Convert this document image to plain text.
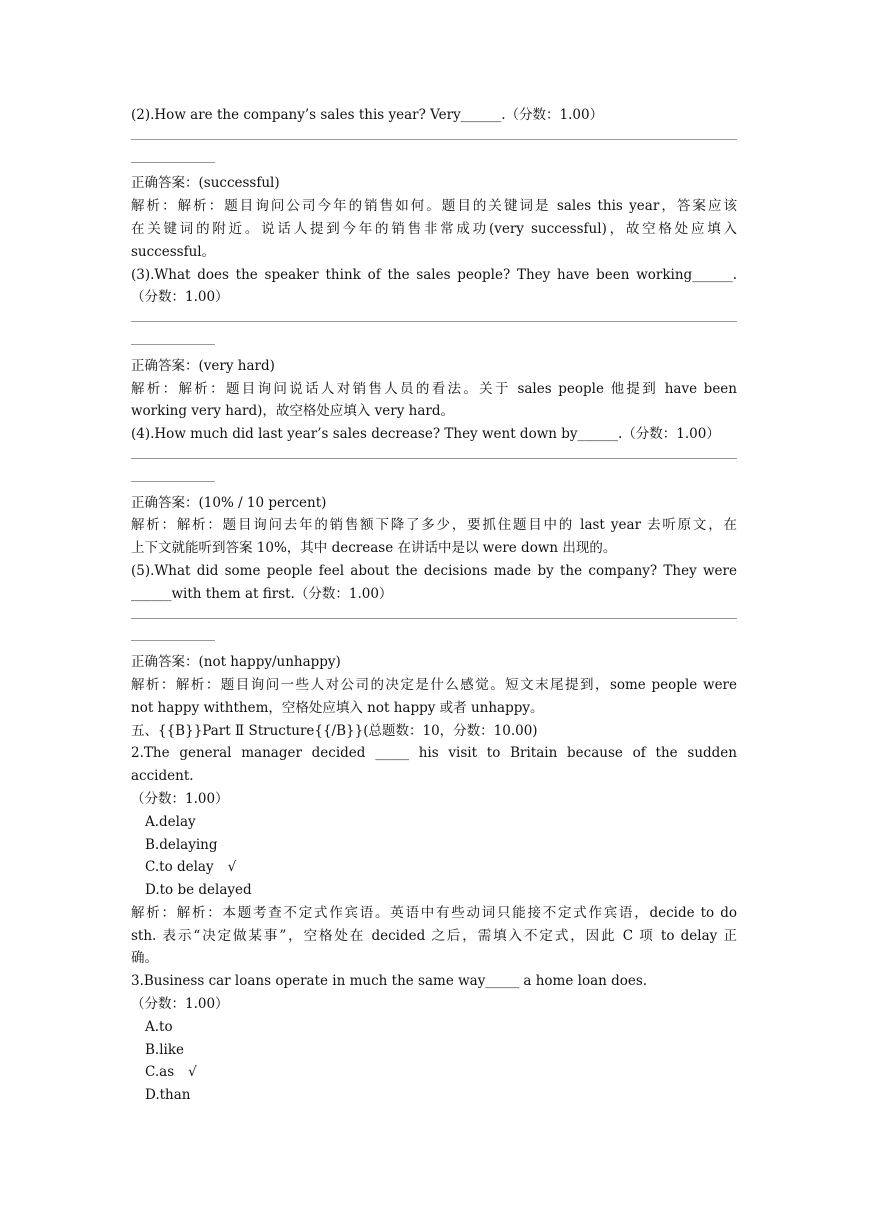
(2).How are the company’s sales this year? Very______.（分数：1.00）
正确答案：(successful)
解析：解析：题目询问公司今年的销售如何。题目的关键词是 sales this year，答案应该
在关键词的附近。说话人提到今年的销售非常成功(very successful)，故空格处应填入
successful。
(3).What does the speaker think of the sales people? They have been working______.
（分数：1.00）
正确答案：(very hard)
解析：解析：题目询问说话人对销售人员的看法。关于 sales people 他提到 have been
working very hard)，故空格处应填入 very hard。
(4).How much did last year’s sales decrease? They went down by______.（分数：1.00）
正确答案：(10% / 10 percent)
解析：解析：题目询问去年的销售额下降了多少，要抓住题目中的 last year 去听原文，在
上下文就能听到答案 10%，其中 decrease 在讲话中是以 were down 出现的。
(5).What did some people feel about the decisions made by the company? They were
______with them at first.（分数：1.00）
正确答案：(not happy/unhappy)
解析：解析：题目询问一些人对公司的决定是什么感觉。短文末尾提到，some people were
not happy withthem，空格处应填入 not happy 或者 unhappy。
五、{{B}}Part Ⅱ Structure{{/B}}(总题数：10，分数：10.00)
2.The general manager decided _____ his visit to Britain because of the sudden
accident.
（分数：1.00）
A.delay
B.delaying
C.to delay √
D.to be delayed
解析：解析：本题考查不定式作宾语。英语中有些动词只能接不定式作宾语，decide to do
sth. 表示“决定做某事”，空格处在 decided 之后，需填入不定式，因此 C 项 to delay 正
确。
3.Business car loans operate in much the same way_____ a home loan does.
（分数：1.00）
A.to
B.like
C.as √
D.than
